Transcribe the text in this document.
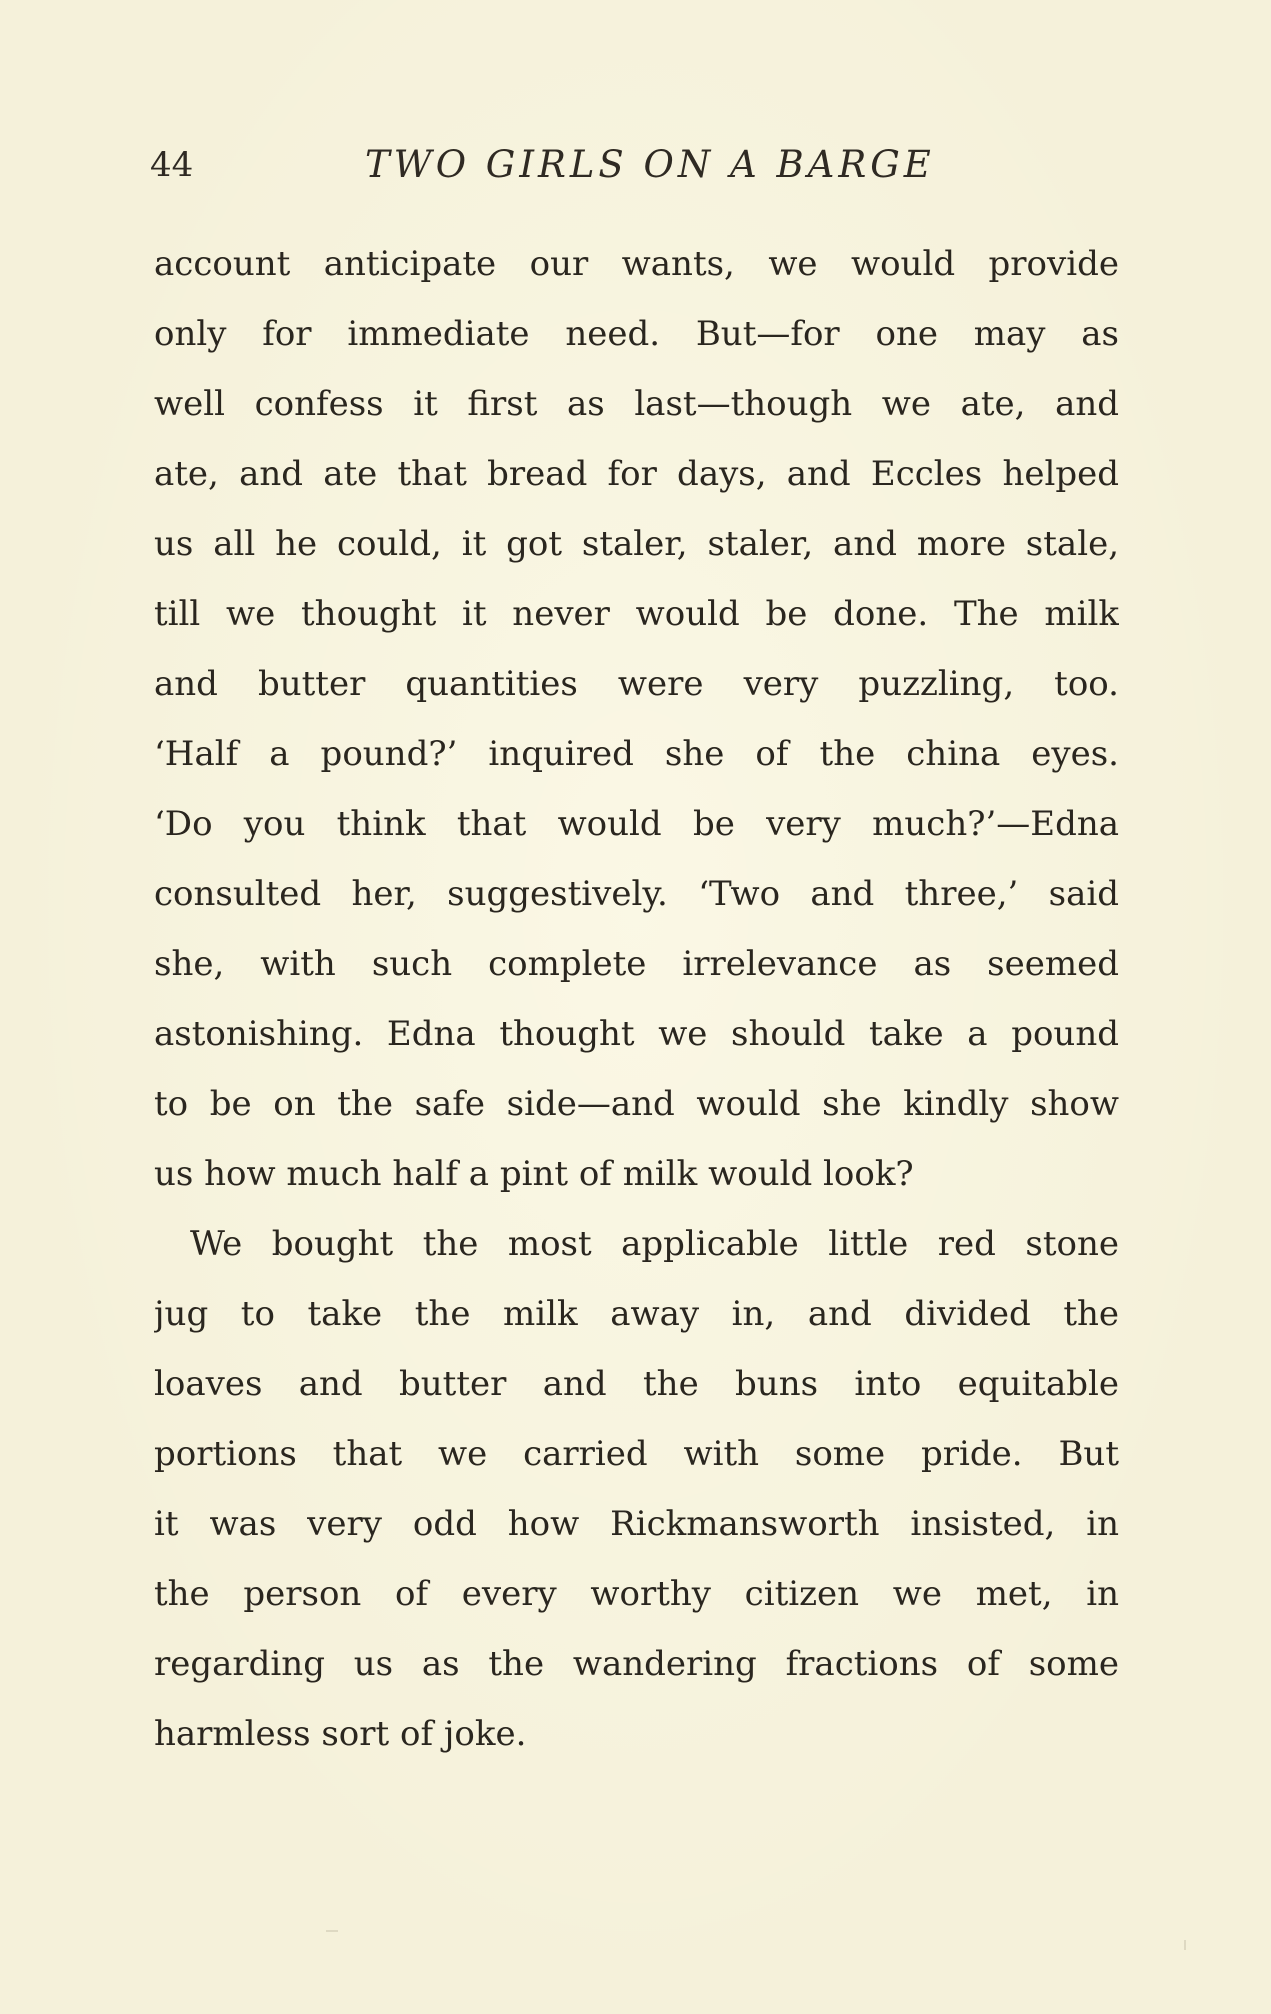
44	TWO GIRLS ON A BARGE
account anticipate our wants, we would provide
only for immediate need. But—for one may as
well confess it first as last—though we ate, and
ate, and ate that bread for days, and Eccles helped
us all he could, it got staler, staler, and more stale,
till we thought it never would be done. The milk
and butter quantities were very puzzling, too.
‘Half a pound?’ inquired she of the china eyes.
‘Do you think that would be very much?’—Edna
consulted her, suggestively. ‘Two and three,’ said
she, with such complete irrelevance as seemed
astonishing. Edna thought we should take a pound
to be on the safe side—and would she kindly show
us how much half a pint of milk would look?
We bought the most applicable little red stone
jug to take the milk away in, and divided the
loaves and butter and the buns into equitable
portions that we carried with some pride. But
it was very odd how Rickmansworth insisted, in
the person of every worthy citizen we met, in
regarding us as the wandering fractions of some
harmless sort of joke.
